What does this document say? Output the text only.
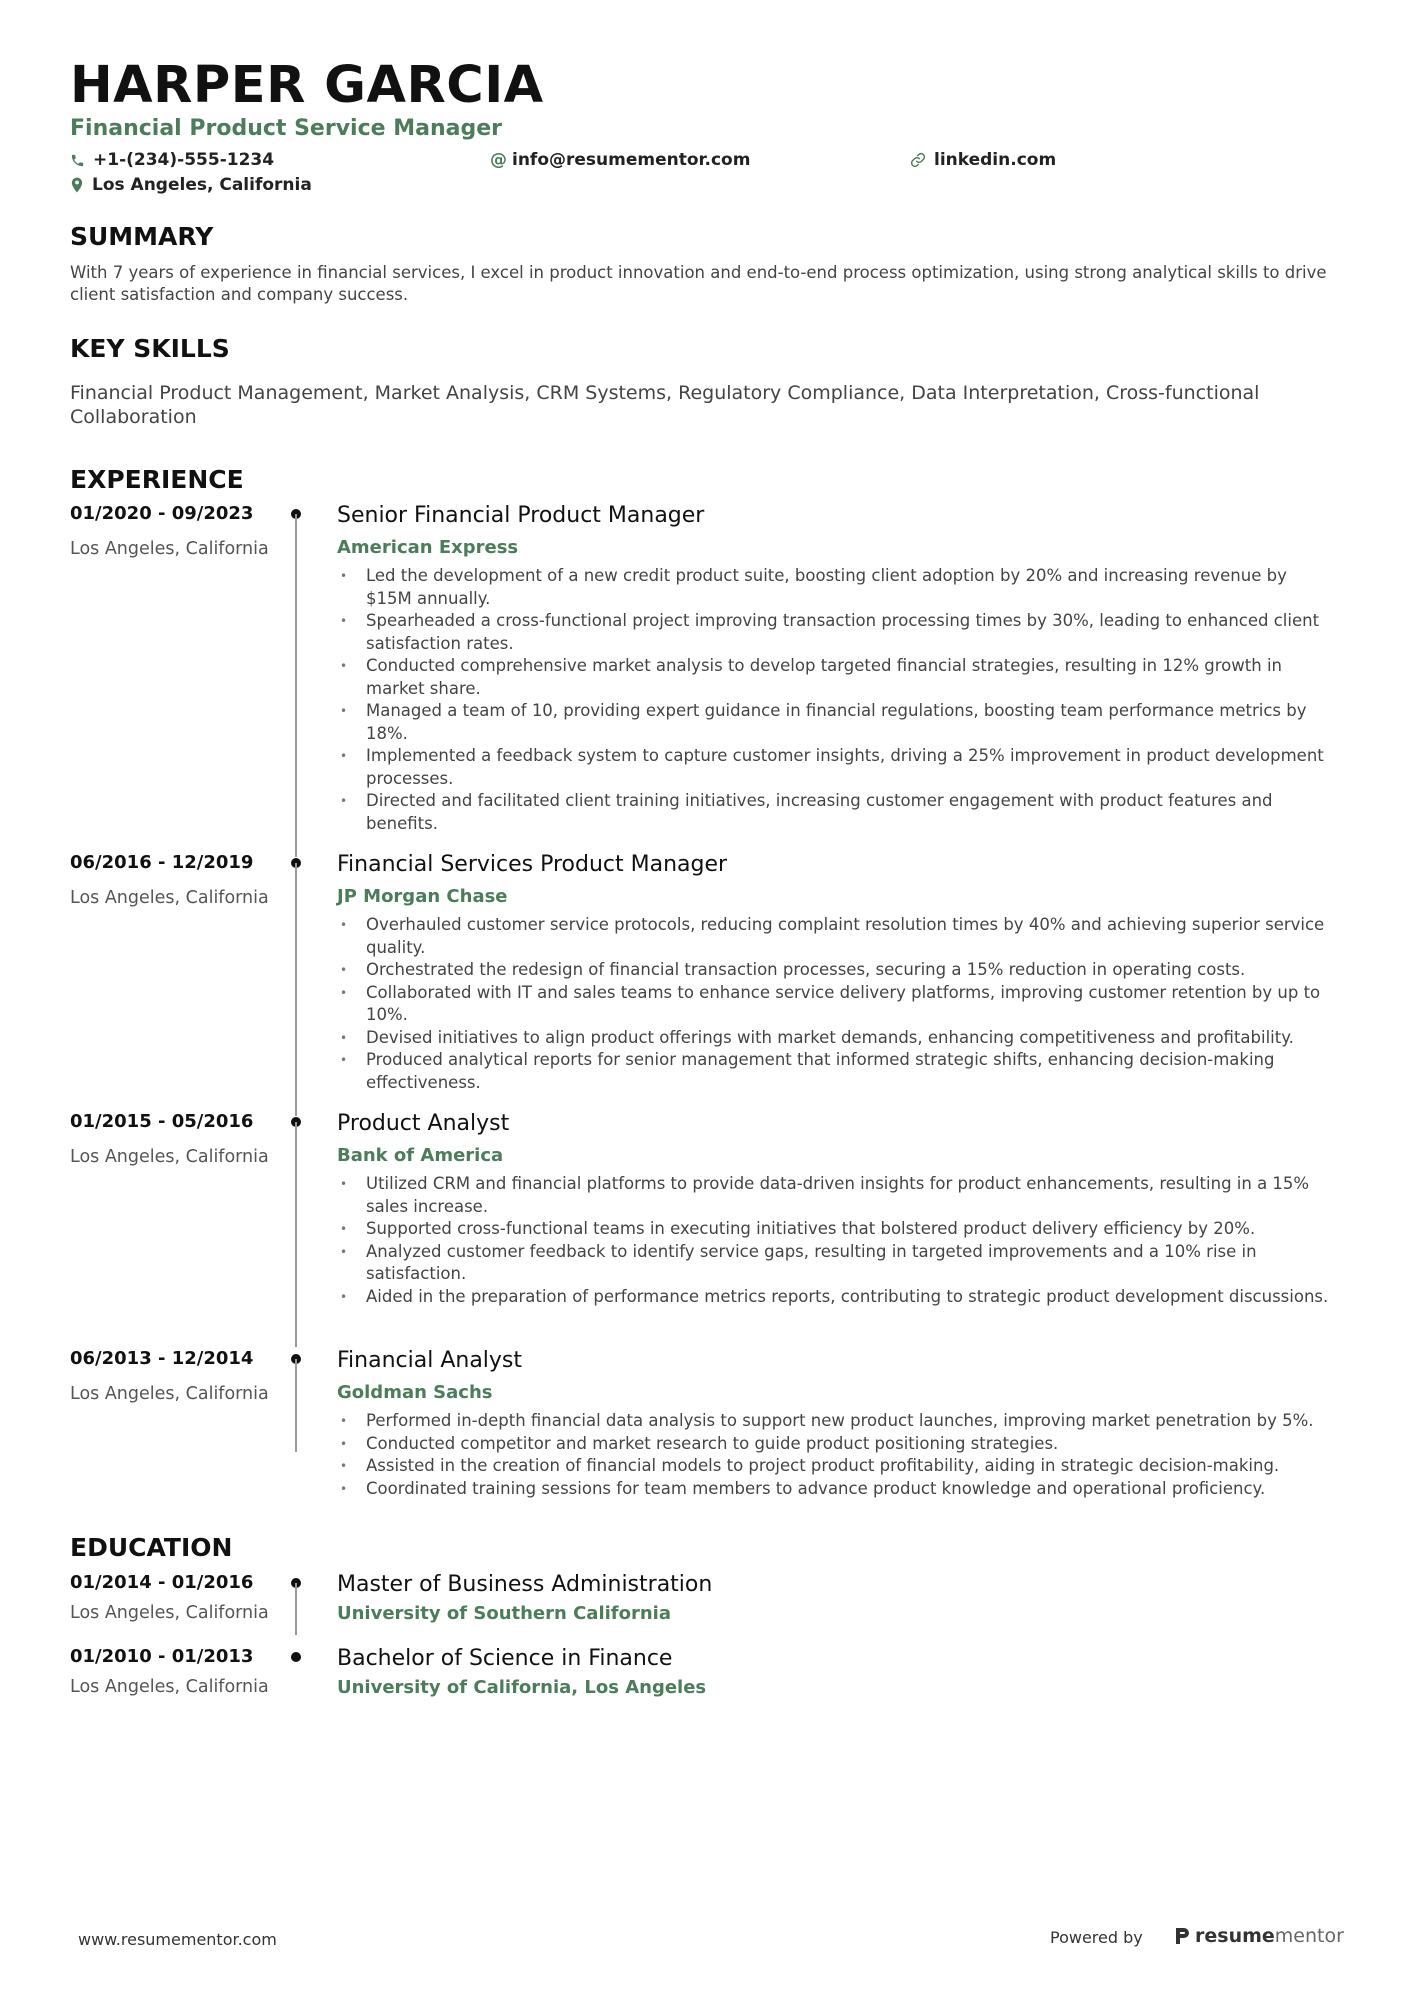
HARPER GARCIA
Financial Product Service Manager
+1-(234)-555-1234	@ info@resumementor.com	linkedin.com
Los Angeles, California
SUMMARY
With 7 years of experience in financial services, I excel in product innovation and end-to-end process optimization, using strong analytical skills to drive client satisfaction and company success.
KEY SKILLS
Financial Product Management, Market Analysis, CRM Systems, Regulatory Compliance, Data Interpretation, Cross-functional Collaboration
EXPERIENCE
01/2020 - 09/2023
Los Angeles, California
Senior Financial Product Manager
American Express
• Led the development of a new credit product suite, boosting client adoption by 20% and increasing revenue by $15M annually.
• Spearheaded a cross-functional project improving transaction processing times by 30%, leading to enhanced client satisfaction rates.
• Conducted comprehensive market analysis to develop targeted financial strategies, resulting in 12% growth in market share.
• Managed a team of 10, providing expert guidance in financial regulations, boosting team performance metrics by 18%.
• Implemented a feedback system to capture customer insights, driving a 25% improvement in product development processes.
• Directed and facilitated client training initiatives, increasing customer engagement with product features and benefits.
06/2016 - 12/2019
Los Angeles, California
Financial Services Product Manager
JP Morgan Chase
• Overhauled customer service protocols, reducing complaint resolution times by 40% and achieving superior service quality.
• Orchestrated the redesign of financial transaction processes, securing a 15% reduction in operating costs.
• Collaborated with IT and sales teams to enhance service delivery platforms, improving customer retention by up to 10%.
• Devised initiatives to align product offerings with market demands, enhancing competitiveness and profitability.
• Produced analytical reports for senior management that informed strategic shifts, enhancing decision-making effectiveness.
01/2015 - 05/2016
Los Angeles, California
Product Analyst
Bank of America
• Utilized CRM and financial platforms to provide data-driven insights for product enhancements, resulting in a 15% sales increase.
• Supported cross-functional teams in executing initiatives that bolstered product delivery efficiency by 20%.
• Analyzed customer feedback to identify service gaps, resulting in targeted improvements and a 10% rise in satisfaction.
• Aided in the preparation of performance metrics reports, contributing to strategic product development discussions.
06/2013 - 12/2014
Los Angeles, California
Financial Analyst
Goldman Sachs
• Performed in-depth financial data analysis to support new product launches, improving market penetration by 5%.
• Conducted competitor and market research to guide product positioning strategies.
• Assisted in the creation of financial models to project product profitability, aiding in strategic decision-making.
• Coordinated training sessions for team members to advance product knowledge and operational proficiency.
EDUCATION
01/2014 - 01/2016
Los Angeles, California
Master of Business Administration
University of Southern California
01/2010 - 01/2013
Los Angeles, California
Bachelor of Science in Finance
University of California, Los Angeles
www.resumementor.com	Powered by	resume mentor
